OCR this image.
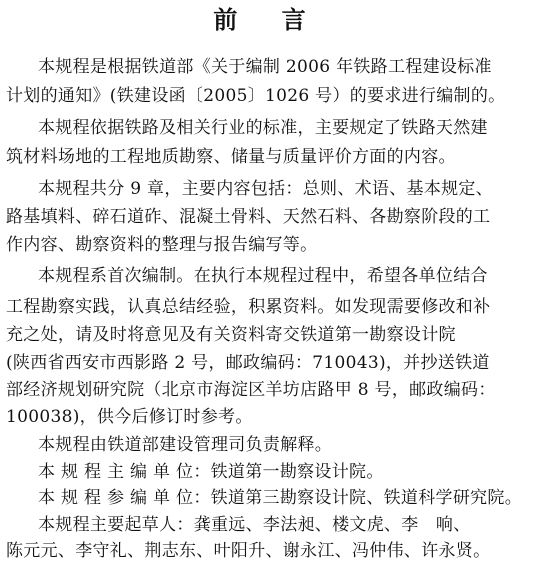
前 言
本规程是根据铁道部《关于编制 2006 年铁路工程建设标准
计划的通知》(铁建设函〔2005〕1026 号）的要求进行编制的。
本规程依据铁路及相关行业的标准，主要规定了铁路天然建
筑材料场地的工程地质勘察、储量与质量评价方面的内容。
本规程共分 9 章，主要内容包括：总则、术语、基本规定、
路基填料、碎石道砟、混凝土骨料、天然石料、各勘察阶段的工
作内容、勘察资料的整理与报告编写等。
本规程系首次编制。在执行本规程过程中，希望各单位结合
工程勘察实践，认真总结经验，积累资料。如发现需要修改和补
充之处，请及时将意见及有关资料寄交铁道第一勘察设计院
(陕西省西安市西影路 2 号，邮政编码：710043)，并抄送铁道
部经济规划研究院（北京市海淀区羊坊店路甲 8 号，邮政编码：
100038)，供今后修订时参考。
本规程由铁道部建设管理司负责解释。
本 规 程 主 编 单 位：铁道第一勘察设计院。
本 规 程 参 编 单 位：铁道第三勘察设计院、铁道科学研究院。
本规程主要起草人：龚重远、李法昶、楼文虎、李　响、
陈元元、李守礼、荆志东、叶阳升、谢永江、冯仲伟、许永贤。
